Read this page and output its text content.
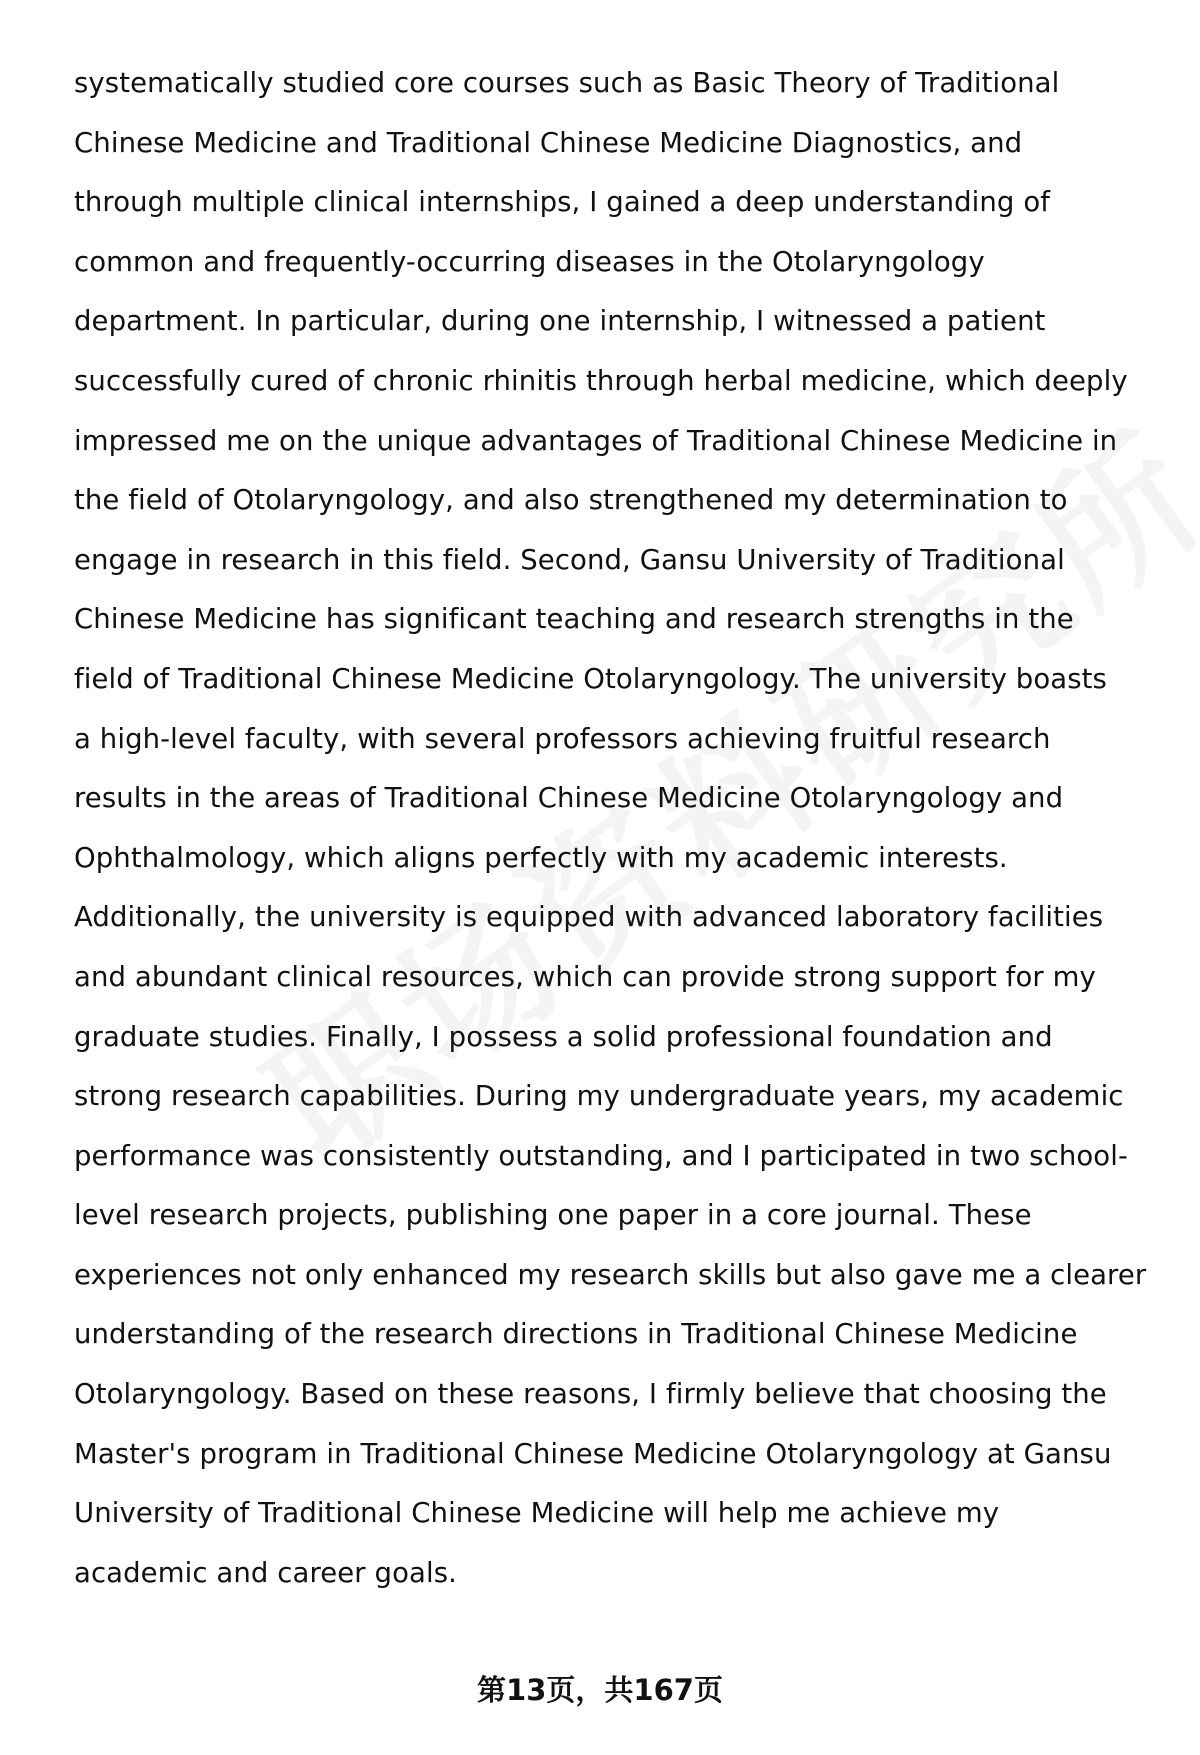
systematically studied core courses such as Basic Theory of Traditional
Chinese Medicine and Traditional Chinese Medicine Diagnostics, and
through multiple clinical internships, I gained a deep understanding of
common and frequently-occurring diseases in the Otolaryngology
department. In particular, during one internship, I witnessed a patient
successfully cured of chronic rhinitis through herbal medicine, which deeply
impressed me on the unique advantages of Traditional Chinese Medicine in
the field of Otolaryngology, and also strengthened my determination to
engage in research in this field. Second, Gansu University of Traditional
Chinese Medicine has significant teaching and research strengths in the
field of Traditional Chinese Medicine Otolaryngology. The university boasts
a high-level faculty, with several professors achieving fruitful research
results in the areas of Traditional Chinese Medicine Otolaryngology and
Ophthalmology, which aligns perfectly with my academic interests.
Additionally, the university is equipped with advanced laboratory facilities
and abundant clinical resources, which can provide strong support for my
graduate studies. Finally, I possess a solid professional foundation and
strong research capabilities. During my undergraduate years, my academic
performance was consistently outstanding, and I participated in two school-
level research projects, publishing one paper in a core journal. These
experiences not only enhanced my research skills but also gave me a clearer
understanding of the research directions in Traditional Chinese Medicine
Otolaryngology. Based on these reasons, I firmly believe that choosing the
Master's program in Traditional Chinese Medicine Otolaryngology at Gansu
University of Traditional Chinese Medicine will help me achieve my
academic and career goals.
第13页，共167页
